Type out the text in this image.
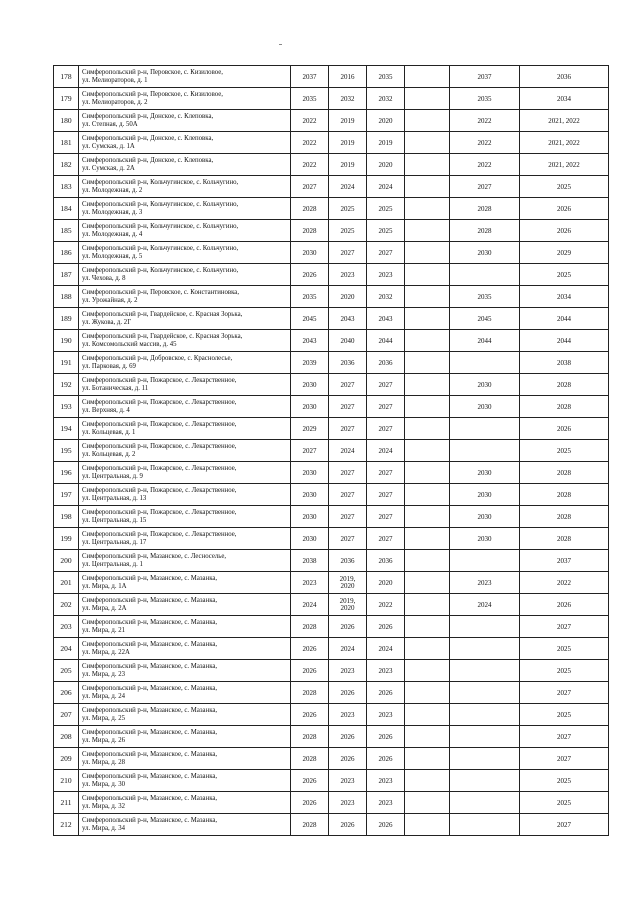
178	Симферопольский р-н, Перовское, с. Кизиловое,
ул. Мелиораторов, д. 1	2037	2016	2035		2037	2036
179	Симферопольский р-н, Перовское, с. Кизиловое,
ул. Мелиораторов, д. 2	2035	2032	2032		2035	2034
180	Симферопольский р-н, Донское, с. Клеповка,
ул. Степная, д. 50А	2022	2019	2020		2022	2021, 2022
181	Симферопольский р-н, Донское, с. Клеповка,
ул. Сумская, д. 1А	2022	2019	2019		2022	2021, 2022
182	Симферопольский р-н, Донское, с. Клеповка,
ул. Сумская, д. 2А	2022	2019	2020		2022	2021, 2022
183	Симферопольский р-н, Кольчугинское, с. Кольчугино,
ул. Молодежная, д. 2	2027	2024	2024		2027	2025
184	Симферопольский р-н, Кольчугинское, с. Кольчугино,
ул. Молодежная, д. 3	2028	2025	2025		2028	2026
185	Симферопольский р-н, Кольчугинское, с. Кольчугино,
ул. Молодежная, д. 4	2028	2025	2025		2028	2026
186	Симферопольский р-н, Кольчугинское, с. Кольчугино,
ул. Молодежная, д. 5	2030	2027	2027		2030	2029
187	Симферопольский р-н, Кольчугинское, с. Кольчугино,
ул. Чехова, д. 8	2026	2023	2023			2025
188	Симферопольский р-н, Перовское, с. Константиновка,
ул. Урожайная, д. 2	2035	2020	2032		2035	2034
189	Симферопольский р-н, Гвардейское, с. Красная Зорька,
ул. Жукова, д. 2Г	2045	2043	2043		2045	2044
190	Симферопольский р-н, Гвардейское, с. Красная Зорька,
ул. Комсомольский массив, д. 45	2043	2040	2044		2044	2044
191	Симферопольский р-н, Добровское, с. Краснолесье,
ул. Парковая, д. 69	2039	2036	2036			2038
192	Симферопольский р-н, Пожарское, с. Лекарственное,
ул. Ботаническая, д. 11	2030	2027	2027		2030	2028
193	Симферопольский р-н, Пожарское, с. Лекарственное,
ул. Верхняя, д. 4	2030	2027	2027		2030	2028
194	Симферопольский р-н, Пожарское, с. Лекарственное,
ул. Кольцевая, д. 1	2029	2027	2027			2026
195	Симферопольский р-н, Пожарское, с. Лекарственное,
ул. Кольцевая, д. 2	2027	2024	2024			2025
196	Симферопольский р-н, Пожарское, с. Лекарственное,
ул. Центральная, д. 9	2030	2027	2027		2030	2028
197	Симферопольский р-н, Пожарское, с. Лекарственное,
ул. Центральная, д. 13	2030	2027	2027		2030	2028
198	Симферопольский р-н, Пожарское, с. Лекарственное,
ул. Центральная, д. 15	2030	2027	2027		2030	2028
199	Симферопольский р-н, Пожарское, с. Лекарственное,
ул. Центральная, д. 17	2030	2027	2027		2030	2028
200	Симферопольский р-н, Мазанское, с. Лесноселье,
ул. Центральная, д. 1	2038	2036	2036			2037
201	Симферопольский р-н, Мазанское, с. Мазанка,
ул. Мира, д. 1А	2023	2019,
2020	2020		2023	2022
202	Симферопольский р-н, Мазанское, с. Мазанка,
ул. Мира, д. 2А	2024	2019,
2020	2022		2024	2026
203	Симферопольский р-н, Мазанское, с. Мазанка,
ул. Мира, д. 21	2028	2026	2026			2027
204	Симферопольский р-н, Мазанское, с. Мазанка,
ул. Мира, д. 22А	2026	2024	2024			2025
205	Симферопольский р-н, Мазанское, с. Мазанка,
ул. Мира, д. 23	2026	2023	2023			2025
206	Симферопольский р-н, Мазанское, с. Мазанка,
ул. Мира, д. 24	2028	2026	2026			2027
207	Симферопольский р-н, Мазанское, с. Мазанка,
ул. Мира, д. 25	2026	2023	2023			2025
208	Симферопольский р-н, Мазанское, с. Мазанка,
ул. Мира, д. 26	2028	2026	2026			2027
209	Симферопольский р-н, Мазанское, с. Мазанка,
ул. Мира, д. 28	2028	2026	2026			2027
210	Симферопольский р-н, Мазанское, с. Мазанка,
ул. Мира, д. 30	2026	2023	2023			2025
211	Симферопольский р-н, Мазанское, с. Мазанка,
ул. Мира, д. 32	2026	2023	2023			2025
212	Симферопольский р-н, Мазанское, с. Мазанка,
ул. Мира, д. 34	2028	2026	2026			2027
